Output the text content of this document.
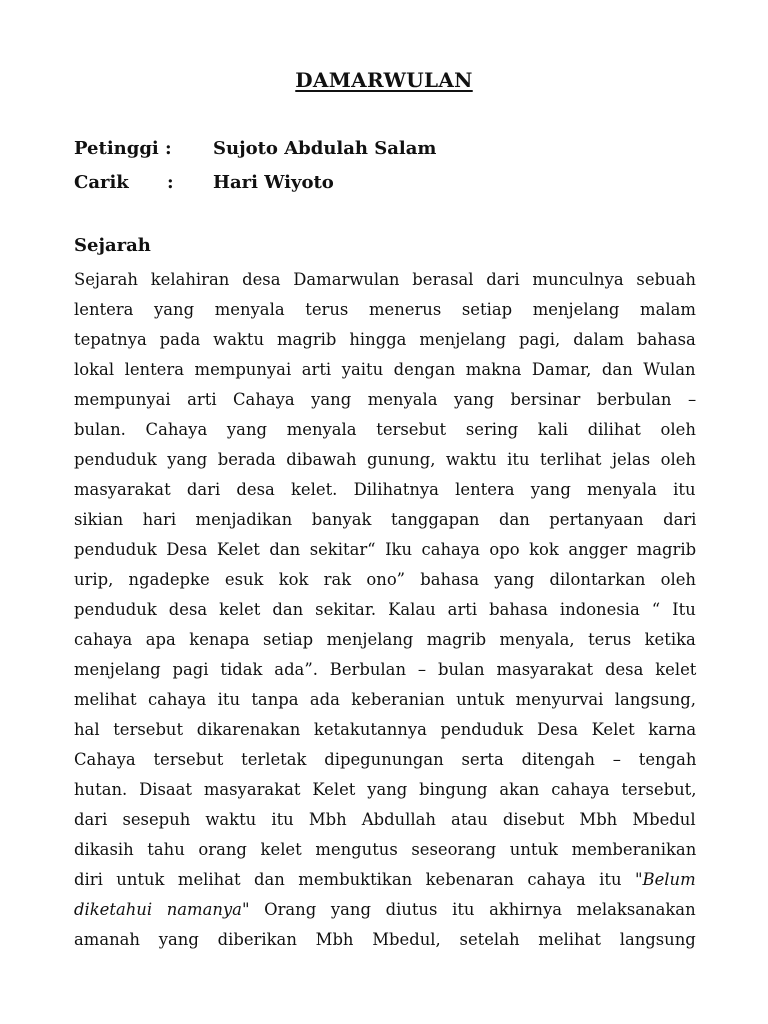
DAMARWULAN
Petinggi : Sujoto Abdulah Salam
Carik : Hari Wiyoto
Sejarah
Sejarah kelahiran desa Damarwulan berasal dari munculnya sebuah
lentera yang menyala terus menerus setiap menjelang malam
tepatnya pada waktu magrib hingga menjelang pagi, dalam bahasa
lokal lentera mempunyai arti yaitu dengan makna Damar, dan Wulan
mempunyai arti Cahaya yang menyala yang bersinar berbulan –
bulan. Cahaya yang menyala tersebut sering kali dilihat oleh
penduduk yang berada dibawah gunung, waktu itu terlihat jelas oleh
masyarakat dari desa kelet. Dilihatnya lentera yang menyala itu
sikian hari menjadikan banyak tanggapan dan pertanyaan dari
penduduk Desa Kelet dan sekitar“ Iku cahaya opo kok angger magrib
urip, ngadepke esuk kok rak ono” bahasa yang dilontarkan oleh
penduduk desa kelet dan sekitar. Kalau arti bahasa indonesia “ Itu
cahaya apa kenapa setiap menjelang magrib menyala, terus ketika
menjelang pagi tidak ada”. Berbulan – bulan masyarakat desa kelet
melihat cahaya itu tanpa ada keberanian untuk menyurvai langsung,
hal tersebut dikarenakan ketakutannya penduduk Desa Kelet karna
Cahaya tersebut terletak dipegunungan serta ditengah – tengah
hutan. Disaat masyarakat Kelet yang bingung akan cahaya tersebut,
dari sesepuh waktu itu Mbh Abdullah atau disebut Mbh Mbedul
dikasih tahu orang kelet mengutus seseorang untuk memberanikan
diri untuk melihat dan membuktikan kebenaran cahaya itu "Belum
diketahui namanya" Orang yang diutus itu akhirnya melaksanakan
amanah yang diberikan Mbh Mbedul, setelah melihat langsung
